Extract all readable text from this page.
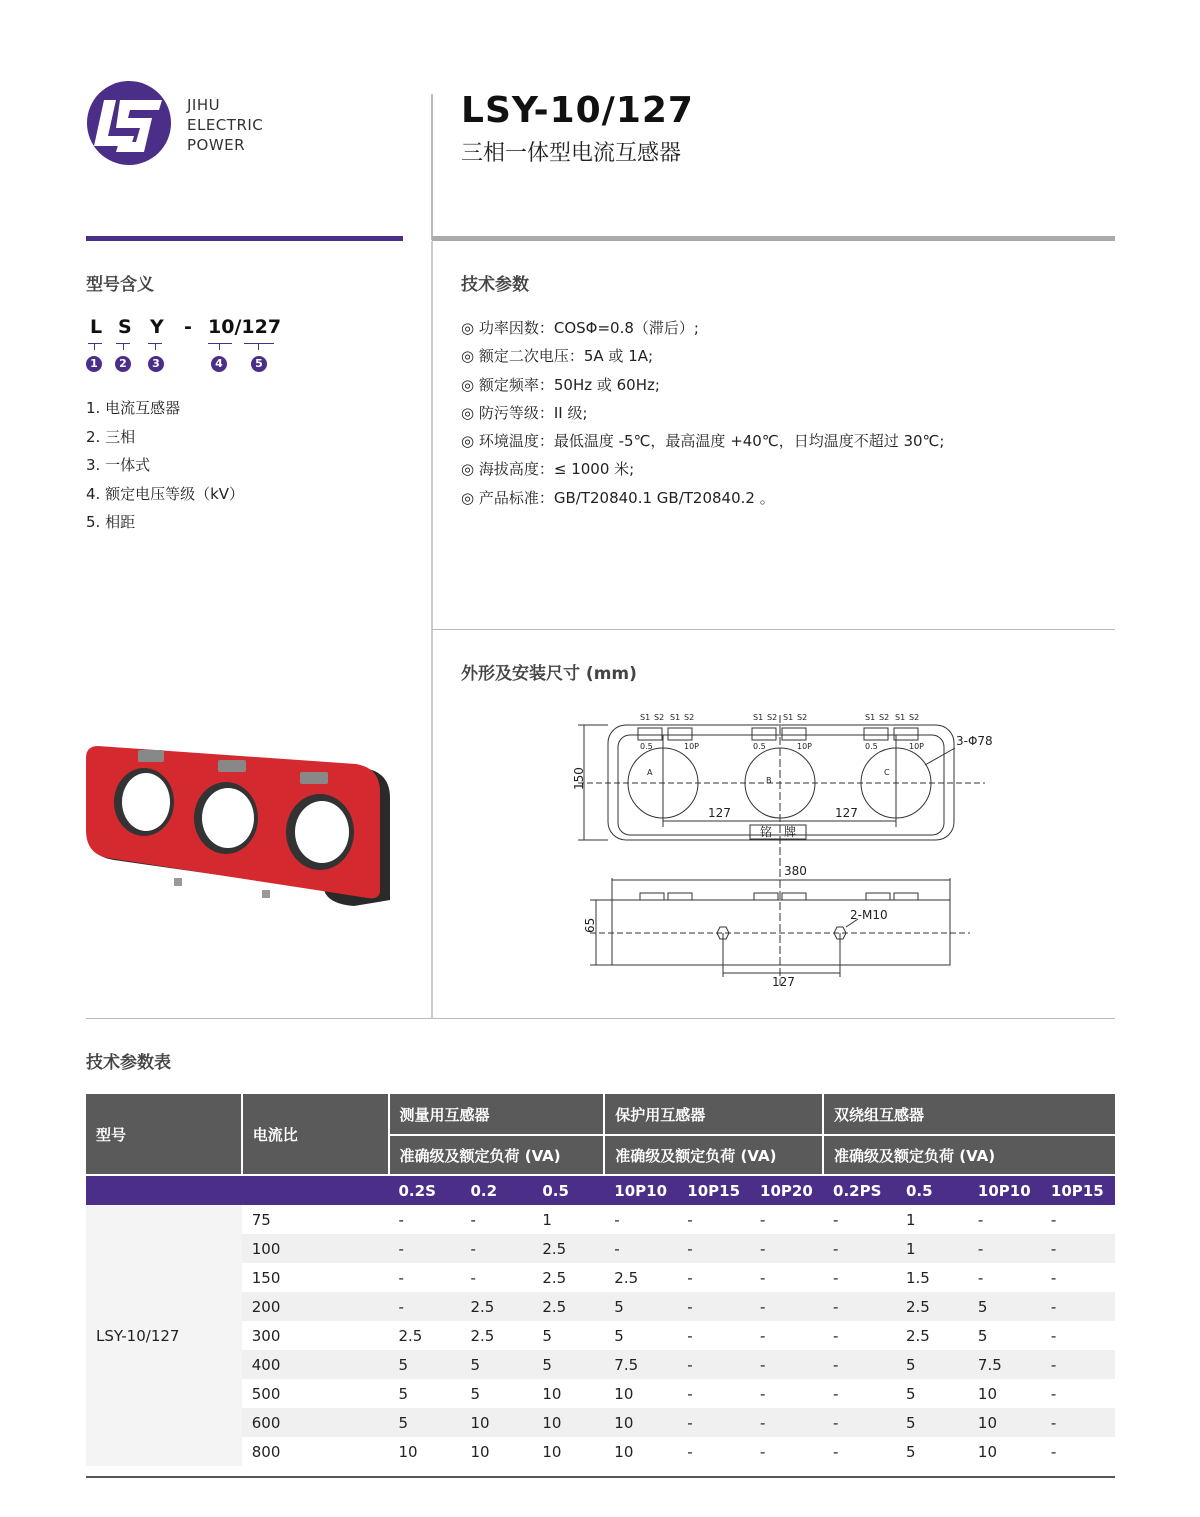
JIHU
ELECTRIC
POWER
LSY-10/127
三相一体型电流互感器
型号含义
L S Y - 10/127
1	2	3	4	5
1. 电流互感器
2. 三相
3. 一体式
4. 额定电压等级（kV）
5. 相距
技术参数
◎ 功率因数：COSΦ=0.8（滞后）;
◎ 额定二次电压：5A 或 1A;
◎ 额定频率：50Hz 或 60Hz;
◎ 防污等级：II 级;
◎ 环境温度：最低温度 -5℃，最高温度 +40℃，日均温度不超过 30℃;
◎ 海拔高度：≤ 1000 米;
◎ 产品标准：GB/T20840.1 GB/T20840.2 。
外形及安装尺寸 (mm)
S1 S2 S1 S2	S1 S2 S1 S2	S1 S2 S1 S2
0.5	10P	0.5	10P	0.5	10P
A
B
C
3-Φ78
150
127	127
铭　牌
380
65
2-M10
127
技术参数表
型号	电流比	测量用互感器			保护用互感器			双绕组互感器			
		准确级及额定负荷 (VA)			准确级及额定负荷 (VA)			准确级及额定负荷 (VA)			
		0.2S	0.2	0.5	10P10	10P15	10P20	0.2PS	0.5	10P10	10P15
LSY-10/127	75	-	-	1	-	-	-	-	1	-	-
	100	-	-	2.5	-	-	-	-	1	-	-
	150	-	-	2.5	2.5	-	-	-	1.5	-	-
	200	-	2.5	2.5	5	-	-	-	2.5	5	-
	300	2.5	2.5	5	5	-	-	-	2.5	5	-
	400	5	5	5	7.5	-	-	-	5	7.5	-
	500	5	5	10	10	-	-	-	5	10	-
	600	5	10	10	10	-	-	-	5	10	-
	800	10	10	10	10	-	-	-	5	10	-
